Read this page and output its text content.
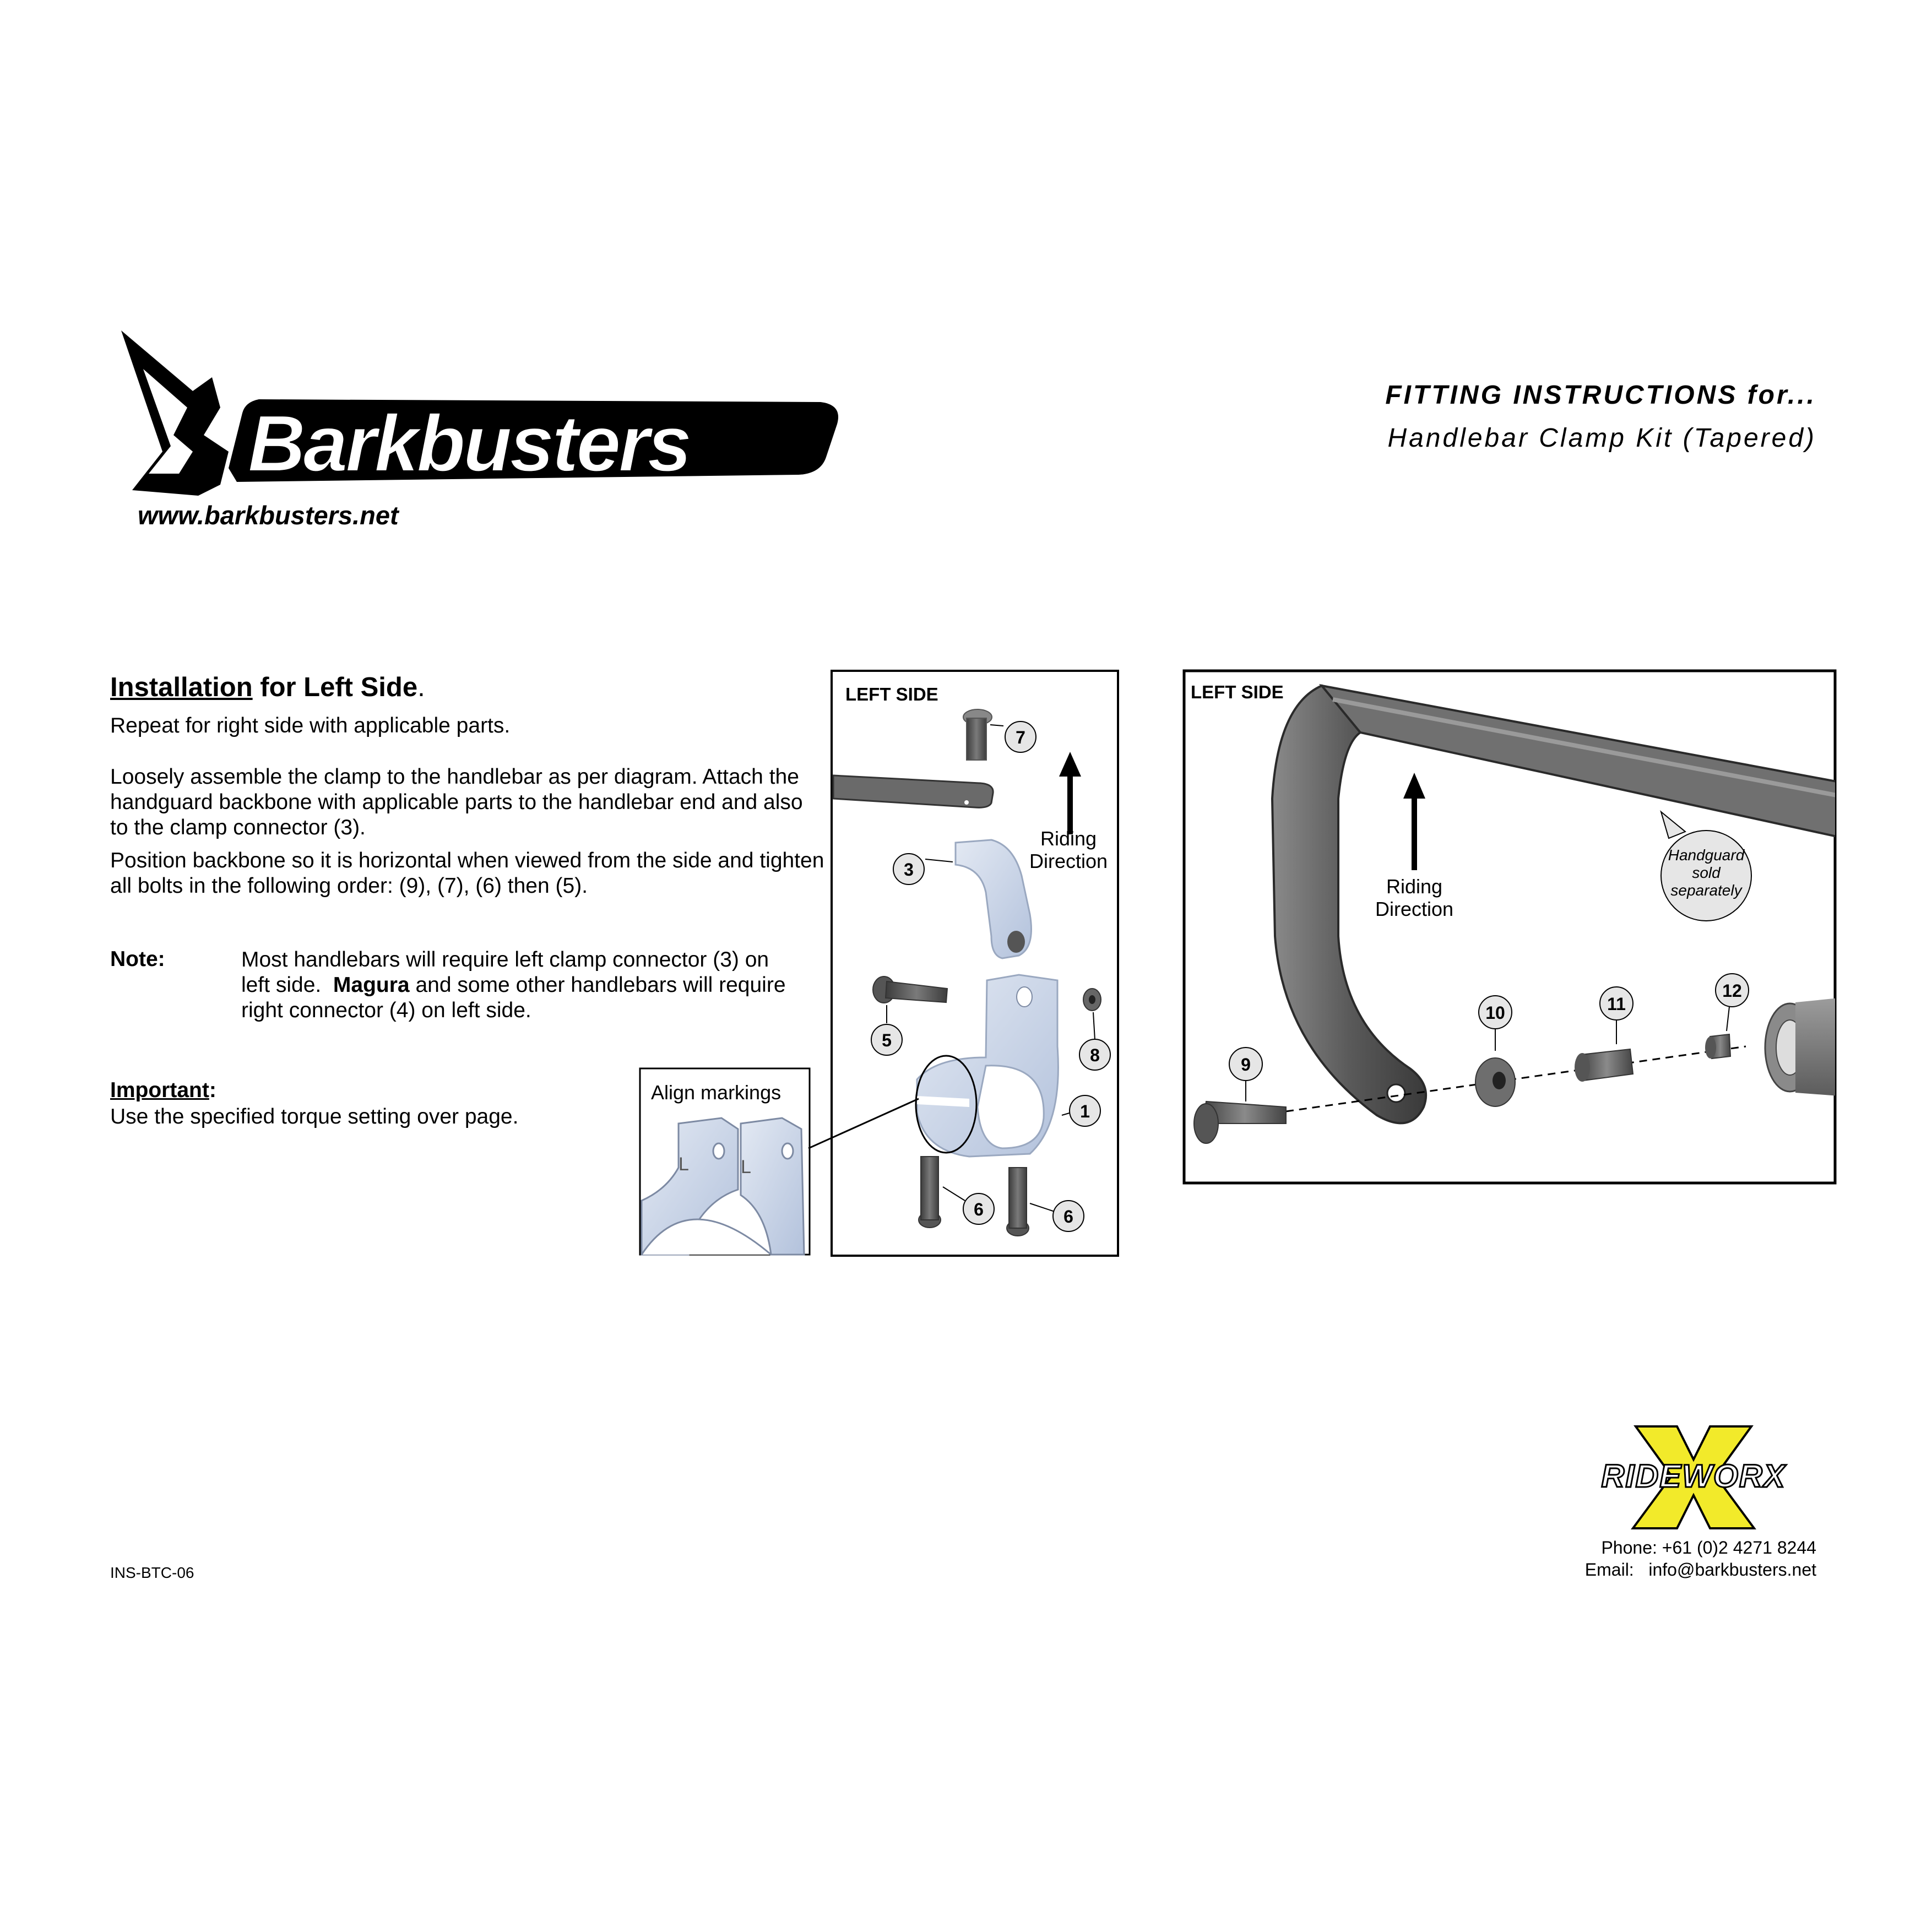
Barkbusters
www.barkbusters.net
FITTING INSTRUCTIONS for...
Handlebar Clamp Kit (Tapered)
Installation for Left Side.
Repeat for right side with applicable parts.
Loosely assemble the clamp to the handlebar as per diagram. Attach the handguard backbone with applicable parts to the handlebar end and also to the clamp connector (3).
Position backbone so it is horizontal when viewed from the side and tighten all bolts in the following order: (9), (7), (6) then (5).
Note:	Most handlebars will require left clamp connector (3) on left side.  Magura and some other handlebars will require right connector (4) on left side.
Important:
Use the specified torque setting over page.
Align markings
L	L
LEFT SIDE
Riding
Direction
7
3
5
8
1
6	6
LEFT SIDE
Riding
Direction
Handguard
sold
separately
9
10	11
12
RIDEWORX
INS-BTC-06
Phone: +61 (0)2 4271 8244
Email: info@barkbusters.net
